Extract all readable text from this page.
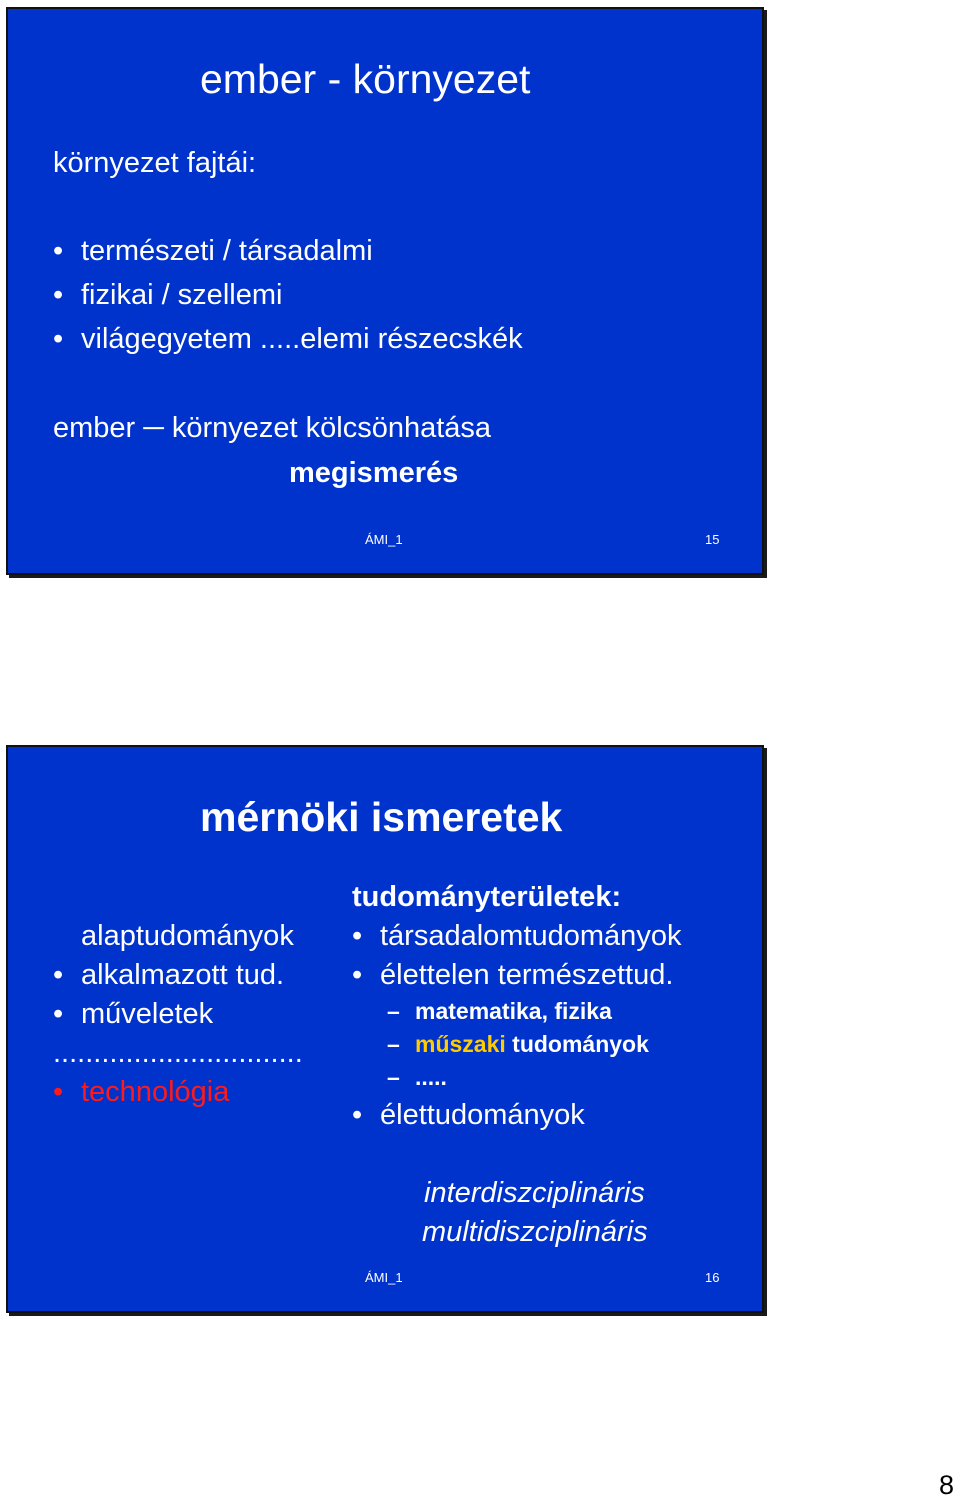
ember - környezet
környezet fajtái:
• természeti / társadalmi
• fizikai / szellemi
• világegyetem .....elemi részecskék
ember ─ környezet kölcsönhatása
megismerés
ÁMI_1	15
mérnöki ismeretek
alaptudományok
• alkalmazott tud.
• műveletek
...............................
• technológia
tudományterületek:
• társadalomtudományok
• élettelen természettud.
– matematika, fizika
– műszaki tudományok
– .....
• élettudományok
interdiszciplináris
multidiszciplináris
ÁMI_1	16
8
